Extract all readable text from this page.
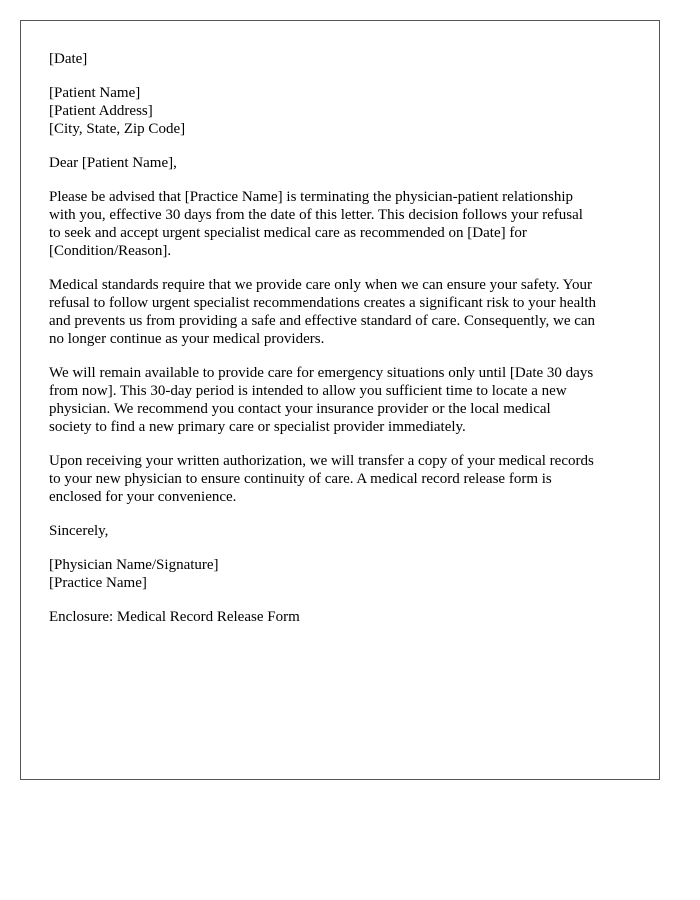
[Date]

[Patient Name]
[Patient Address]
[City, State, Zip Code]

Dear [Patient Name],

Please be advised that [Practice Name] is terminating the physician-patient relationship
with you, effective 30 days from the date of this letter. This decision follows your refusal
to seek and accept urgent specialist medical care as recommended on [Date] for
[Condition/Reason].

Medical standards require that we provide care only when we can ensure your safety. Your
refusal to follow urgent specialist recommendations creates a significant risk to your health
and prevents us from providing a safe and effective standard of care. Consequently, we can
no longer continue as your medical providers.

We will remain available to provide care for emergency situations only until [Date 30 days
from now]. This 30-day period is intended to allow you sufficient time to locate a new
physician. We recommend you contact your insurance provider or the local medical
society to find a new primary care or specialist provider immediately.

Upon receiving your written authorization, we will transfer a copy of your medical records
to your new physician to ensure continuity of care. A medical record release form is
enclosed for your convenience.

Sincerely,

[Physician Name/Signature]
[Practice Name]

Enclosure: Medical Record Release Form
